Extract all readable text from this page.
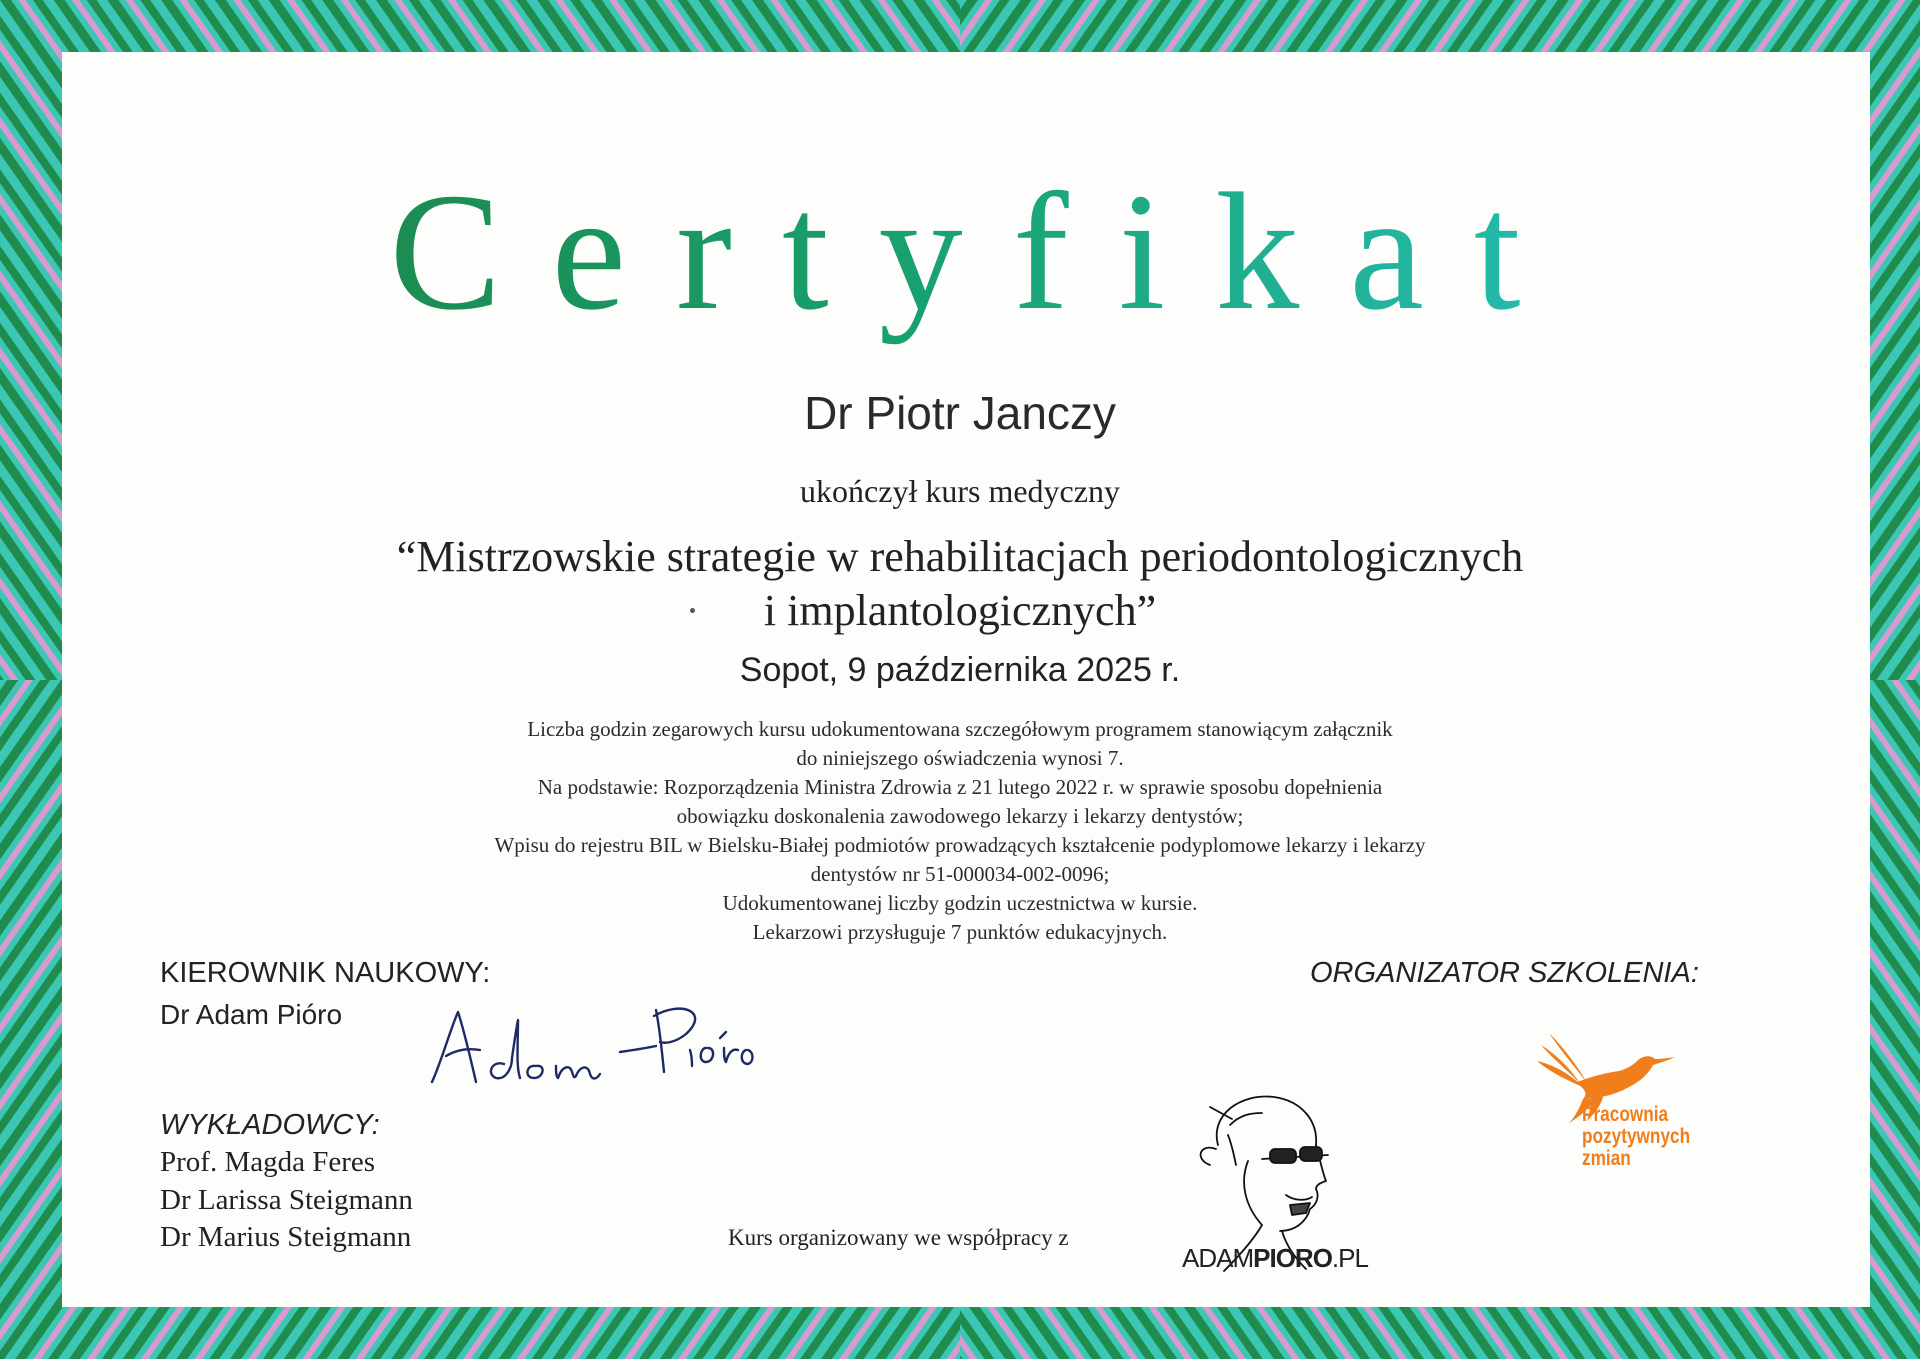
Certyfikat
Dr Piotr Janczy
ukończył kurs medyczny
“Mistrzowskie strategie w rehabilitacjach periodontologicznych
i implantologicznych”
Sopot, 9 października 2025 r.
Liczba godzin zegarowych kursu udokumentowana szczegółowym programem stanowiącym załącznik
do niniejszego oświadczenia wynosi 7.
Na podstawie: Rozporządzenia Ministra Zdrowia z 21 lutego 2022 r. w sprawie sposobu dopełnienia
obowiązku doskonalenia zawodowego lekarzy i lekarzy dentystów;
Wpisu do rejestru BIL w Bielsku-Białej podmiotów prowadzących kształcenie podyplomowe lekarzy i lekarzy
dentystów nr 51-000034-002-0096;
Udokumentowanej liczby godzin uczestnictwa w kursie.
Lekarzowi przysługuje 7 punktów edukacyjnych.
KIEROWNIK NAUKOWY:
Dr Adam Pióro
WYKŁADOWCY:
Prof. Magda Feres
Dr Larissa Steigmann
Dr Marius Steigmann
ORGANIZATOR SZKOLENIA:
Pracownia
pozytywnych
zmian
Kurs organizowany we współpracy z
ADAMPIORO.PL
